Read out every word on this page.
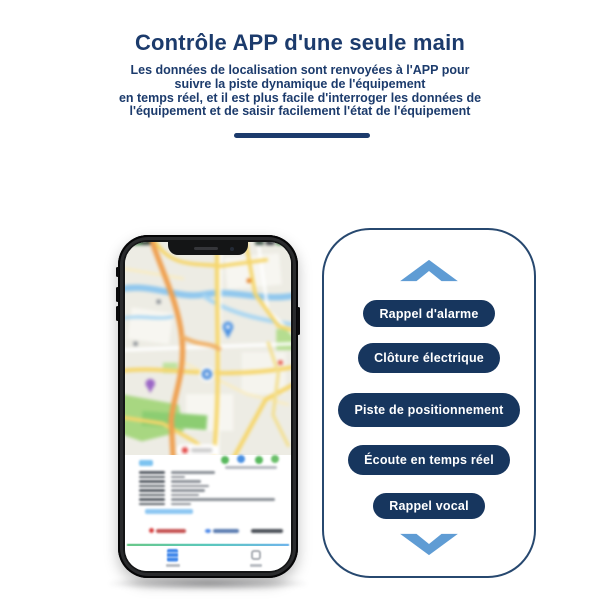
Contrôle APP d'une seule main
Les données de localisation sont renvoyées à l'APP pour
suivre la piste dynamique de l'équipement
en temps réel, et il est plus facile d'interroger les données de
l'équipement et de saisir facilement l'état de l'équipement
Rappel d'alarme
Clôture électrique
Piste de positionnement
Écoute en temps réel
Rappel vocal
